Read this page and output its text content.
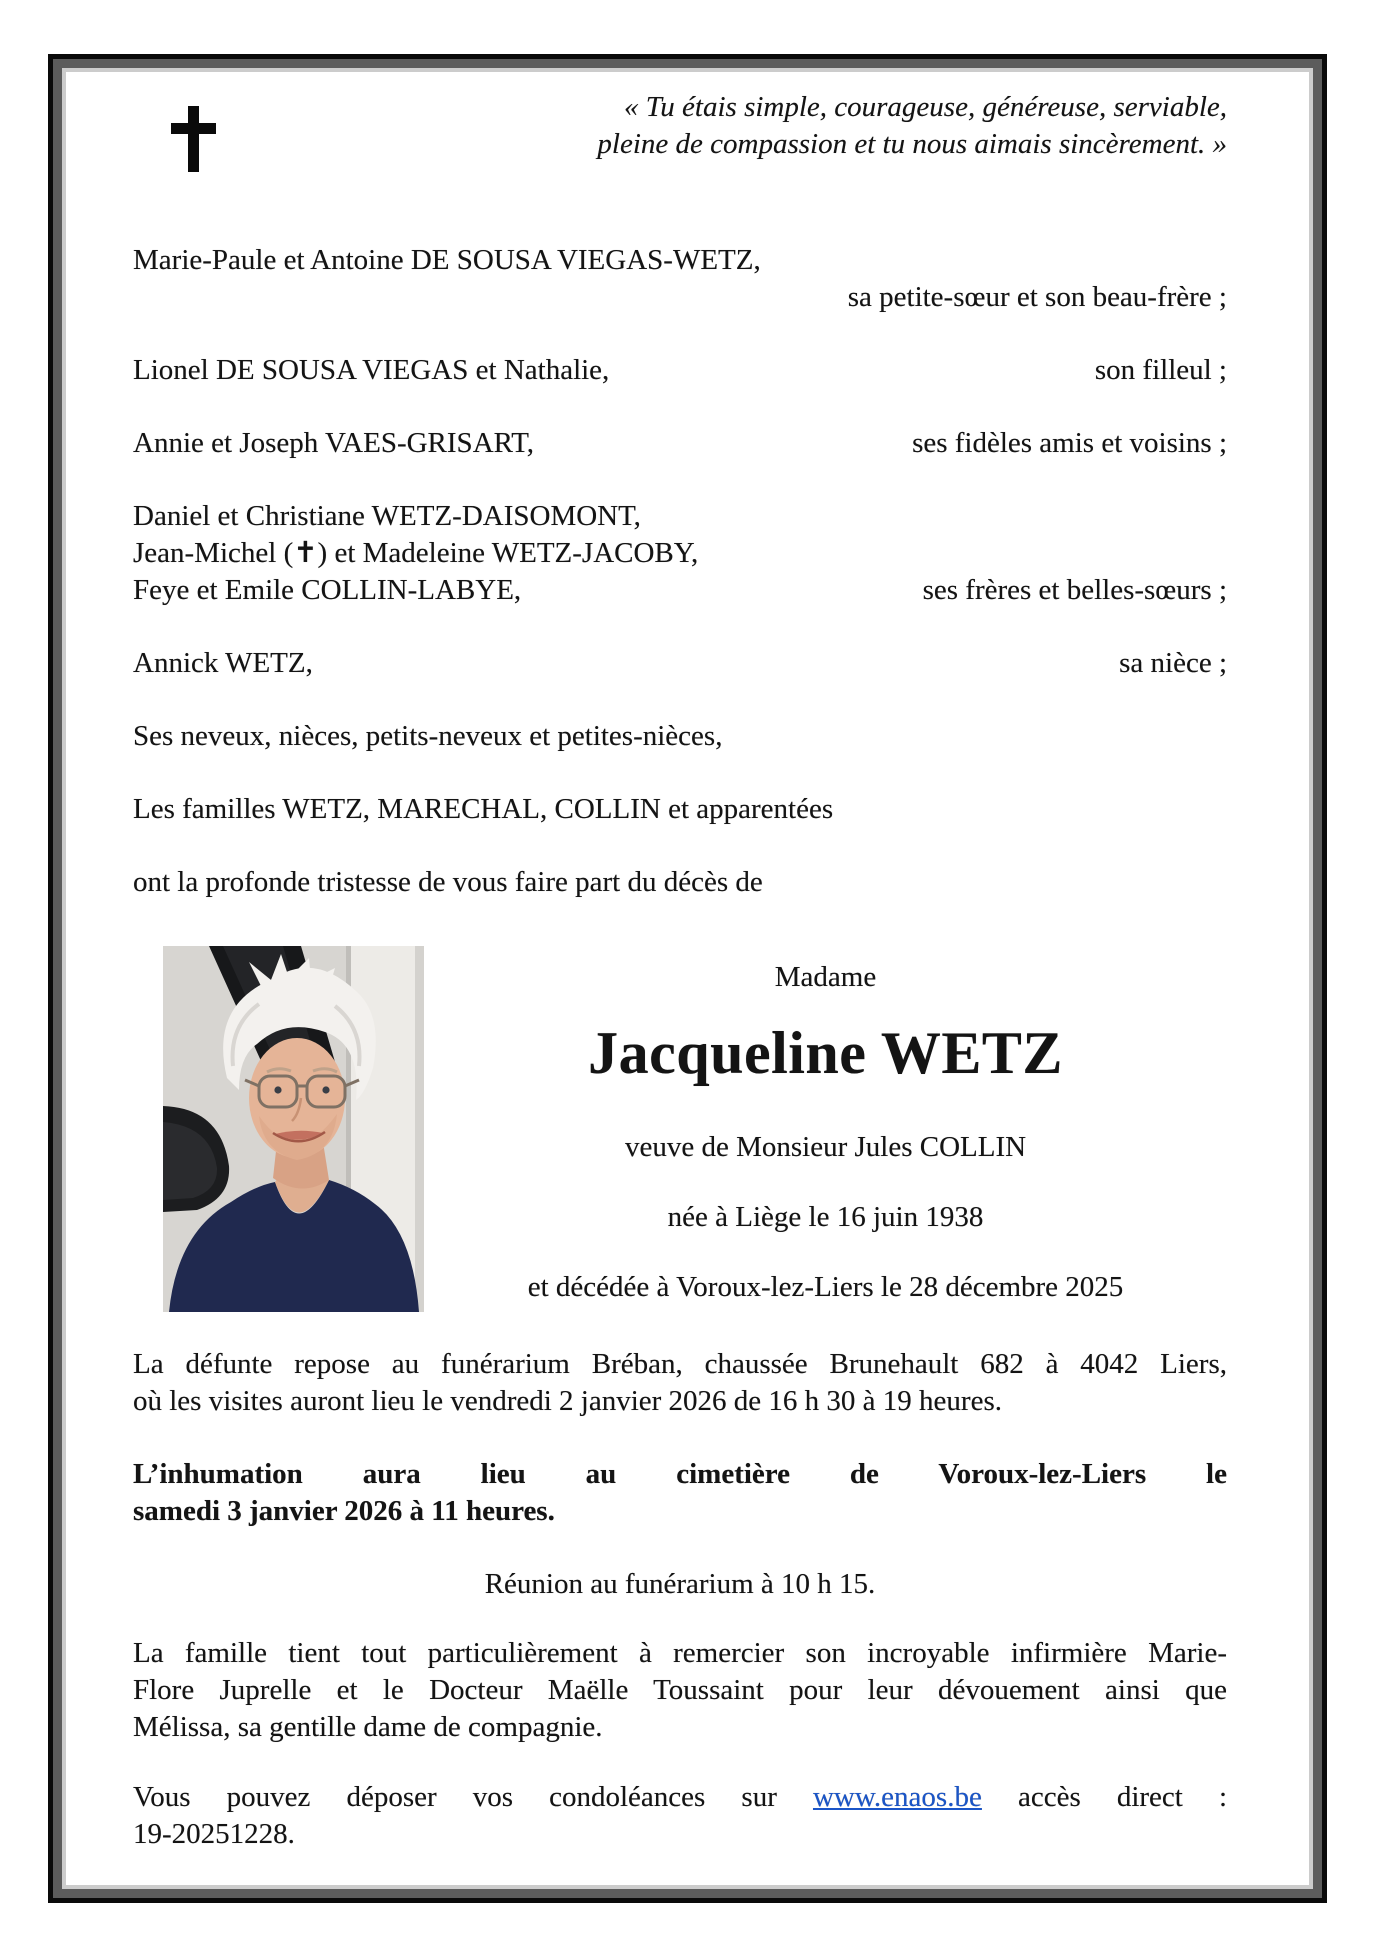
« Tu étais simple, courageuse, généreuse, serviable,
pleine de compassion et tu nous aimais sincèrement. »
Marie-Paule et Antoine DE SOUSA VIEGAS-WETZ,
sa petite-sœur et son beau-frère ;
Lionel DE SOUSA VIEGAS et Nathalie,	son filleul ;
Annie et Joseph VAES-GRISART,	ses fidèles amis et voisins ;
Daniel et Christiane WETZ-DAISOMONT,
Jean-Michel (✝) et Madeleine WETZ-JACOBY,
Feye et Emile COLLIN-LABYE,	ses frères et belles-sœurs ;
Annick WETZ,	sa nièce ;
Ses neveux, nièces, petits-neveux et petites-nièces,
Les familles WETZ, MARECHAL, COLLIN et apparentées
ont la profonde tristesse de vous faire part du décès de
Madame
Jacqueline WETZ
veuve de Monsieur Jules COLLIN
née à Liège le 16 juin 1938
et décédée à Voroux-lez-Liers le 28 décembre 2025
La défunte repose au funérarium Bréban, chaussée Brunehault 682 à 4042 Liers,
où les visites auront lieu le vendredi 2 janvier 2026 de 16 h 30 à 19 heures.
L’inhumation aura lieu au cimetière de Voroux-lez-Liers le
samedi 3 janvier 2026 à 11 heures.
Réunion au funérarium à 10 h 15.
La famille tient tout particulièrement à remercier son incroyable infirmière Marie-
Flore Juprelle et le Docteur Maëlle Toussaint pour leur dévouement ainsi que
Mélissa, sa gentille dame de compagnie.
Vous pouvez déposer vos condoléances sur www.enaos.be accès direct :
19-20251228.
